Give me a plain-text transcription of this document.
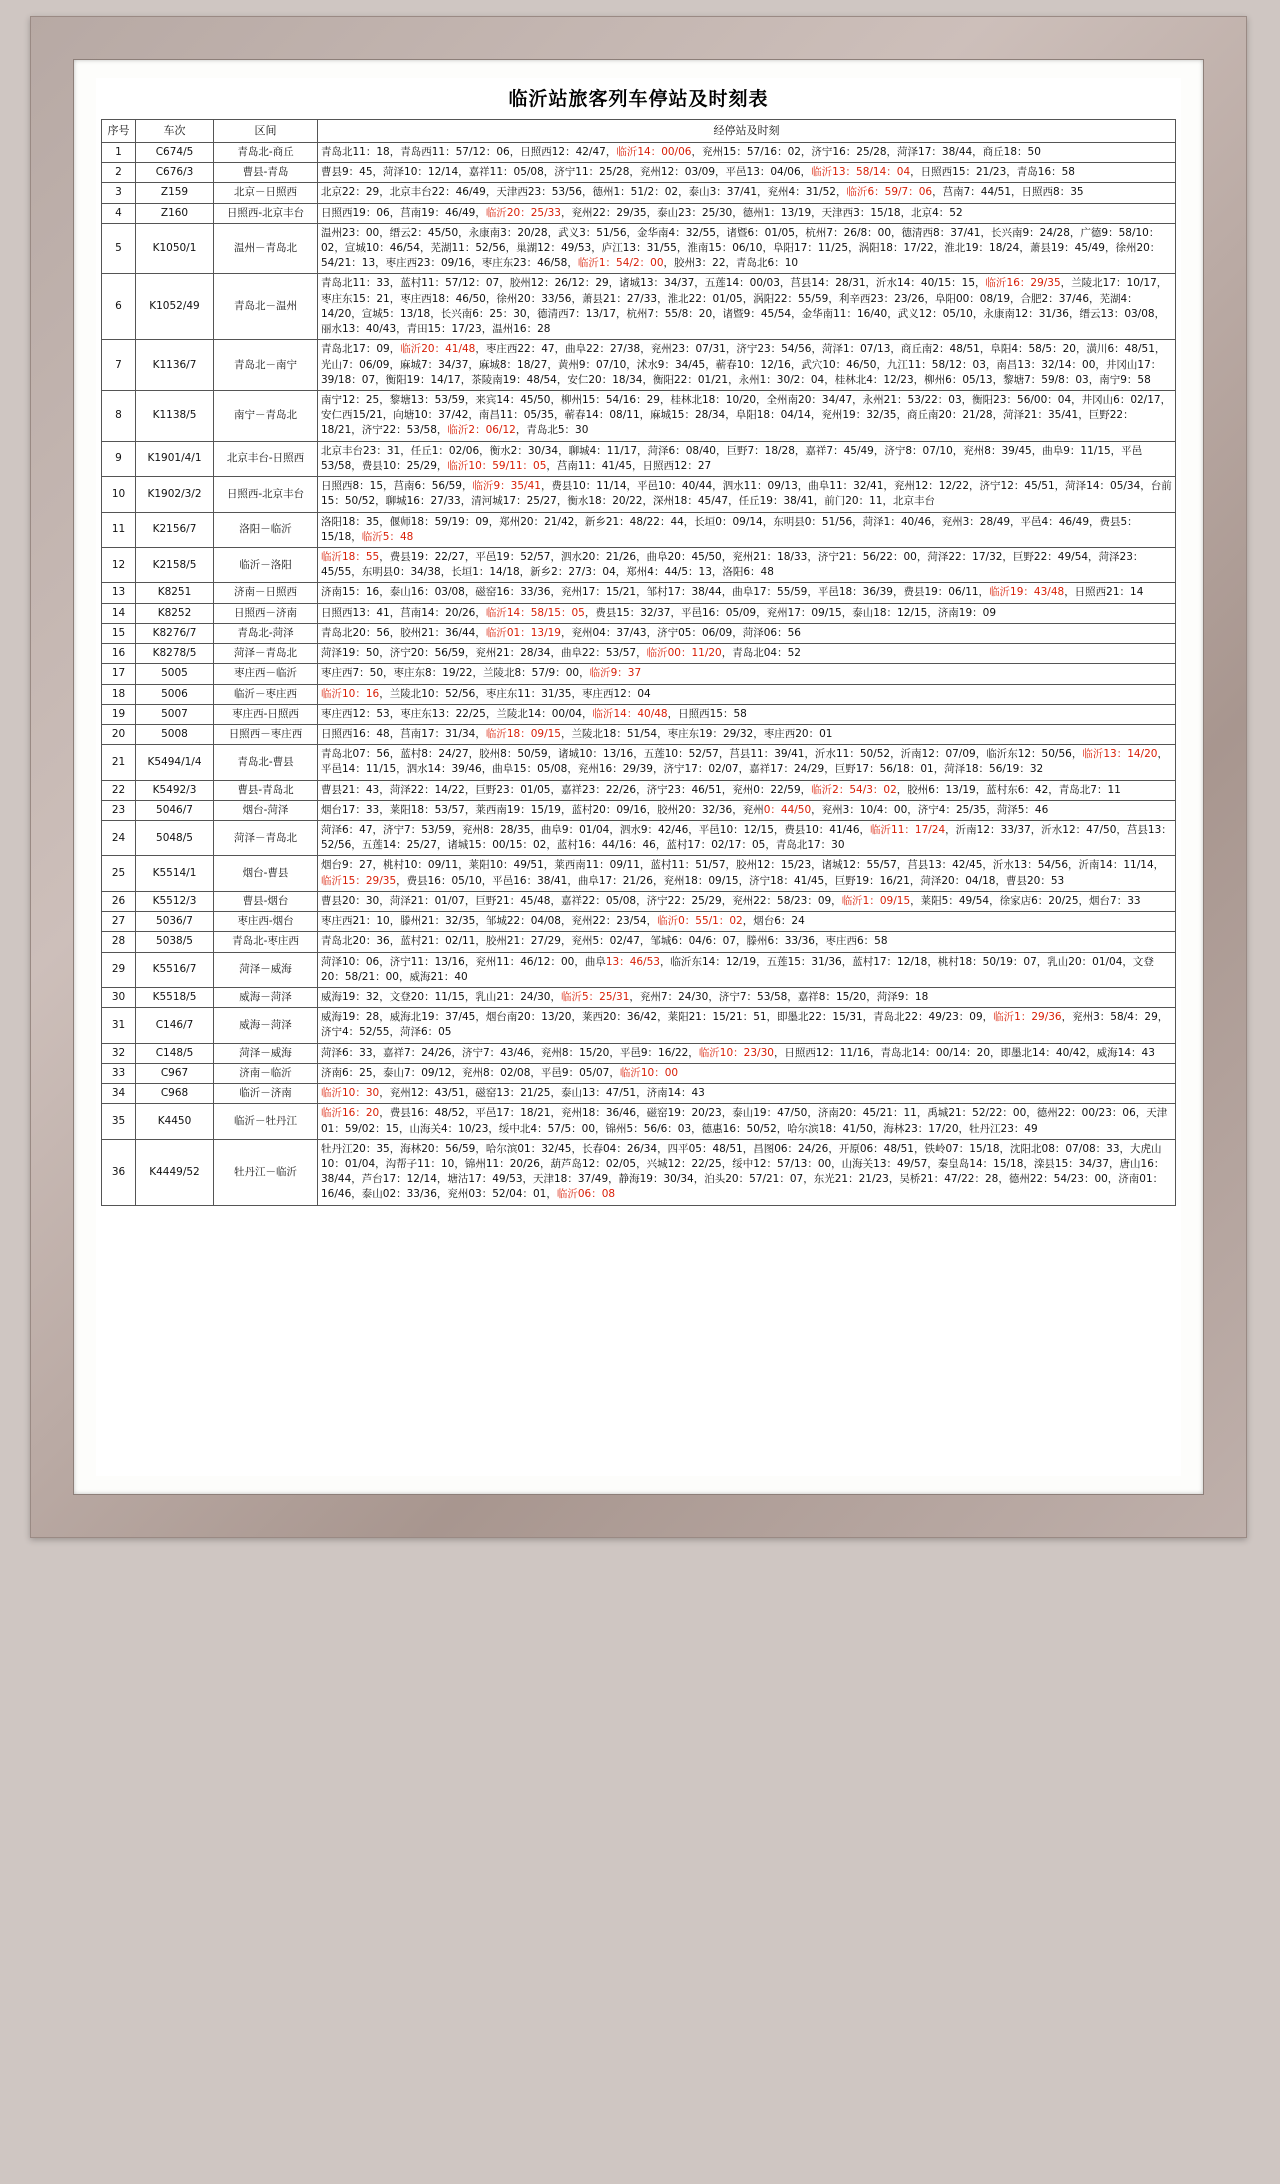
临沂站旅客列车停站及时刻表
序号	车次	区间	经停站及时刻
1	C674/5	青岛北-商丘	青岛北11：18，青岛西11：57/12：06，日照西12：42/47，临沂14：00/06，兖州15：57/16：02，济宁16：25/28，菏泽17：38/44，商丘18：50
2	C676/3	曹县-青岛	曹县9：45，菏泽10：12/14，嘉祥11：05/08，济宁11：25/28，兖州12：03/09，平邑13：04/06，临沂13：58/14：04，日照西15：21/23，青岛16：58
3	Z159	北京－日照西	北京22：29，北京丰台22：46/49，天津西23：53/56，德州1：51/2：02，泰山3：37/41，兖州4：31/52，临沂6：59/7：06，莒南7：44/51，日照西8：35
4	Z160	日照西-北京丰台	日照西19：06，莒南19：46/49，临沂20：25/33，兖州22：29/35，泰山23：25/30，德州1：13/19，天津西3：15/18，北京4：52
5	K1050/1	温州－青岛北	温州23：00，缙云2：45/50，永康南3：20/28，武义3：51/56，金华南4：32/55，诸暨6：01/05，杭州7：26/8：00，德清西8：37/41，长兴南9：24/28，广德9：58/10：02，宣城10：46/54，芜湖11：52/56，巢湖12：49/53，庐江13：31/55，淮南15：06/10，阜阳17：11/25，涡阳18：17/22，淮北19：18/24，萧县19：45/49，徐州20：54/21：13，枣庄西23：09/16，枣庄东23：46/58，临沂1：54/2：00，胶州3：22，青岛北6：10
6	K1052/49	青岛北－温州	青岛北11：33，蓝村11：57/12：07，胶州12：26/12：29，诸城13：34/37，五莲14：00/03，莒县14：28/31，沂水14：40/15：15，临沂16：29/35，兰陵北17：10/17，枣庄东15：21，枣庄西18：46/50，徐州20：33/56，萧县21：27/33，淮北22：01/05，涡阳22：55/59，利辛西23：23/26，阜阳00：08/19，合肥2：37/46，芜湖4：14/20，宣城5：13/18，长兴南6：25：30，德清西7：13/17，杭州7：55/8：20，诸暨9：45/54，金华南11：16/40，武义12：05/10，永康南12：31/36，缙云13：03/08，丽水13：40/43，青田15：17/23，温州16：28
7	K1136/7	青岛北－南宁	青岛北17：09，临沂20：41/48，枣庄西22：47，曲阜22：27/38，兖州23：07/31，济宁23：54/56，菏泽1：07/13，商丘南2：48/51，阜阳4：58/5：20，潢川6：48/51，光山7：06/09，麻城7：34/37，麻城8：18/27，黄州9：07/10，沭水9：34/45，蕲春10：12/16，武穴10：46/50，九江11：58/12：03，南昌13：32/14：00，井冈山17：39/18：07，衡阳19：14/17，茶陵南19：48/54，安仁20：18/34，衡阳22：01/21，永州1：30/2：04，桂林北4：12/23，柳州6：05/13，黎塘7：59/8：03，南宁9：58
8	K1138/5	南宁－青岛北	南宁12：25，黎塘13：53/59，来宾14：45/50，柳州15：54/16：29，桂林北18：10/20，全州南20：34/47，永州21：53/22：03，衡阳23：56/00：04，井冈山6：02/17，安仁西15/21，向塘10：37/42，南昌11：05/35，蕲春14：08/11，麻城15：28/34，阜阳18：04/14，兖州19：32/35，商丘南20：21/28，菏泽21：35/41，巨野22：18/21，济宁22：53/58，临沂2：06/12，青岛北5：30
9	K1901/4/1	北京丰台-日照西	北京丰台23：31，任丘1：02/06，衡水2：30/34，聊城4：11/17，菏泽6：08/40，巨野7：18/28，嘉祥7：45/49，济宁8：07/10，兖州8：39/45，曲阜9：11/15，平邑53/58，费县10：25/29，临沂10：59/11：05，莒南11：41/45，日照西12：27
10	K1902/3/2	日照西-北京丰台	日照西8：15，莒南6：56/59，临沂9：35/41，费县10：11/14，平邑10：40/44，泗水11：09/13，曲阜11：32/41，兖州12：12/22，济宁12：45/51，菏泽14：05/34，台前15：50/52，聊城16：27/33，清河城17：25/27，衡水18：20/22，深州18：45/47，任丘19：38/41，前门20：11，北京丰台
11	K2156/7	洛阳－临沂	洛阳18：35，偃师18：59/19：09，郑州20：21/42，新乡21：48/22：44，长垣0：09/14，东明县0：51/56，菏泽1：40/46，兖州3：28/49，平邑4：46/49，费县5：15/18，临沂5：48
12	K2158/5	临沂－洛阳	临沂18：55，费县19：22/27，平邑19：52/57，泗水20：21/26，曲阜20：45/50，兖州21：18/33，济宁21：56/22：00，菏泽22：17/32，巨野22：49/54，菏泽23：45/55，东明县0：34/38，长垣1：14/18，新乡2：27/3：04，郑州4：44/5：13，洛阳6：48
13	K8251	济南－日照西	济南15：16，泰山16：03/08，磁窑16：33/36，兖州17：15/21，邹村17：38/44，曲阜17：55/59，平邑18：36/39，费县19：06/11，临沂19：43/48，日照西21：14
14	K8252	日照西－济南	日照西13：41，莒南14：20/26，临沂14：58/15：05，费县15：32/37，平邑16：05/09，兖州17：09/15，泰山18：12/15，济南19：09
15	K8276/7	青岛北-菏泽	青岛北20：56，胶州21：36/44，临沂01：13/19，兖州04：37/43，济宁05：06/09，菏泽06：56
16	K8278/5	菏泽－青岛北	菏泽19：50，济宁20：56/59，兖州21：28/34，曲阜22：53/57，临沂00：11/20，青岛北04：52
17	5005	枣庄西－临沂	枣庄西7：50，枣庄东8：19/22，兰陵北8：57/9：00，临沂9：37
18	5006	临沂－枣庄西	临沂10：16，兰陵北10：52/56，枣庄东11：31/35，枣庄西12：04
19	5007	枣庄西-日照西	枣庄西12：53，枣庄东13：22/25，兰陵北14：00/04，临沂14：40/48，日照西15：58
20	5008	日照西－枣庄西	日照西16：48，莒南17：31/34，临沂18：09/15，兰陵北18：51/54，枣庄东19：29/32，枣庄西20：01
21	K5494/1/4	青岛北-曹县	青岛北07：56，蓝村8：24/27，胶州8：50/59，诸城10：13/16，五莲10：52/57，莒县11：39/41，沂水11：50/52，沂南12：07/09，临沂东12：50/56，临沂13：14/20，平邑14：11/15，泗水14：39/46，曲阜15：05/08，兖州16：29/39，济宁17：02/07，嘉祥17：24/29，巨野17：56/18：01，菏泽18：56/19：32
22	K5492/3	曹县-青岛北	曹县21：43，菏泽22：14/22，巨野23：01/05，嘉祥23：22/26，济宁23：46/51，兖州0：22/59，临沂2：54/3：02，胶州6：13/19，蓝村东6：42，青岛北7：11
23	5046/7	烟台-菏泽	烟台17：33，莱阳18：53/57，莱西南19：15/19，蓝村20：09/16，胶州20：32/36，兖州0：44/50，兖州3：10/4：00，济宁4：25/35，菏泽5：46
24	5048/5	菏泽－青岛北	菏泽6：47，济宁7：53/59，兖州8：28/35，曲阜9：01/04，泗水9：42/46，平邑10：12/15，费县10：41/46，临沂11：17/24，沂南12：33/37，沂水12：47/50，莒县13：52/56，五莲14：25/27，诸城15：00/15：02，蓝村16：44/16：46，蓝村17：02/17：05，青岛北17：30
25	K5514/1	烟台-曹县	烟台9：27，桃村10：09/11，莱阳10：49/51，莱西南11：09/11，蓝村11：51/57，胶州12：15/23，诸城12：55/57，莒县13：42/45，沂水13：54/56，沂南14：11/14，临沂15：29/35，费县16：05/10，平邑16：38/41，曲阜17：21/26，兖州18：09/15，济宁18：41/45，巨野19：16/21，菏泽20：04/18，曹县20：53
26	K5512/3	曹县-烟台	曹县20：30，菏泽21：01/07，巨野21：45/48，嘉祥22：05/08，济宁22：25/29，兖州22：58/23：09，临沂1：09/15，莱阳5：49/54，徐家店6：20/25，烟台7：33
27	5036/7	枣庄西-烟台	枣庄西21：10，滕州21：32/35，邹城22：04/08，兖州22：23/54，临沂0：55/1：02，烟台6：24
28	5038/5	青岛北-枣庄西	青岛北20：36，蓝村21：02/11，胶州21：27/29，兖州5：02/47，邹城6：04/6：07，滕州6：33/36，枣庄西6：58
29	K5516/7	菏泽－威海	菏泽10：06，济宁11：13/16，兖州11：46/12：00，曲阜13：46/53，临沂东14：12/19，五莲15：31/36，蓝村17：12/18，桃村18：50/19：07，乳山20：01/04，文登20：58/21：00，威海21：40
30	K5518/5	威海－菏泽	威海19：32，文登20：11/15，乳山21：24/30，临沂5：25/31，兖州7：24/30，济宁7：53/58，嘉祥8：15/20，菏泽9：18
31	C146/7	威海－菏泽	威海19：28，威海北19：37/45，烟台南20：13/20，莱西20：36/42，莱阳21：15/21：51，即墨北22：15/31，青岛北22：49/23：09，临沂1：29/36，兖州3：58/4：29，济宁4：52/55，菏泽6：05
32	C148/5	菏泽－威海	菏泽6：33，嘉祥7：24/26，济宁7：43/46，兖州8：15/20，平邑9：16/22，临沂10：23/30，日照西12：11/16，青岛北14：00/14：20，即墨北14：40/42，威海14：43
33	C967	济南－临沂	济南6：25，泰山7：09/12，兖州8：02/08，平邑9：05/07，临沂10：00
34	C968	临沂－济南	临沂10：30，兖州12：43/51，磁窑13：21/25，泰山13：47/51，济南14：43
35	K4450	临沂－牡丹江	临沂16：20，费县16：48/52，平邑17：18/21，兖州18：36/46，磁窑19：20/23，泰山19：47/50，济南20：45/21：11，禹城21：52/22：00，德州22：00/23：06，天津01：59/02：15，山海关4：10/23，绥中北4：57/5：00，锦州5：56/6：03，德惠16：50/52，哈尔滨18：41/50，海林23：17/20，牡丹江23：49
36	K4449/52	牡丹江－临沂	牡丹江20：35，海林20：56/59，哈尔滨01：32/45，长春04：26/34，四平05：48/51，昌图06：24/26，开原06：48/51，铁岭07：15/18，沈阳北08：07/08：33，大虎山10：01/04，沟帮子11：10，锦州11：20/26，葫芦岛12：02/05，兴城12：22/25，绥中12：57/13：00，山海关13：49/57，秦皇岛14：15/18，滦县15：34/37，唐山16：38/44，芦台17：12/14，塘沽17：49/53，天津18：37/49，静海19：30/34，泊头20：57/21：07，东光21：21/23，吴桥21：47/22：28，德州22：54/23：00，济南01：16/46，泰山02：33/36，兖州03：52/04：01，临沂06：08
